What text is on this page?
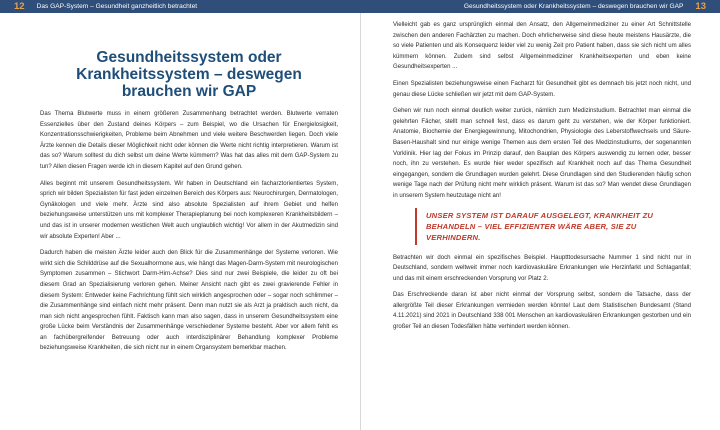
12 Das GAP-System – Gesundheit ganzheitlich betrachtet	Gesundheitssystem oder Krankheitssystem – deswegen brauchen wir GAP 13
Gesundheitssystem oder
Krankheitssystem – deswegen
brauchen wir GAP

Das Thema Blutwerte muss in einem größeren Zusammenhang betrachtet werden. Blutwerte verraten Essenzielles über den Zustand deines Körpers – zum Beispiel, wo die Ursachen für Energielosigkeit, Konzentrationsschwierigkeiten, Probleme beim Abnehmen und viele weitere Beschwerden liegen. Doch viele Ärzte kennen die Details dieser Möglichkeit nicht oder können die Werte nicht richtig interpretieren. Warum ist das so? Warum solltest du dich selbst um deine Werte kümmern? Was hat das alles mit dem GAP-System zu tun? Allen diesen Fragen werde ich in diesem Kapitel auf den Grund gehen.

Alles beginnt mit unserem Gesundheitssystem. Wir haben in Deutschland ein facharztorientiertes System, sprich wir bilden Spezialisten für fast jeden einzelnen Bereich des Körpers aus: Neurochirurgen, Dermatologen, Gynäkologen und viele mehr. Ärzte sind also absolute Spezialisten auf ihrem Gebiet und helfen beziehungsweise unterstützen uns mit komplexer Therapieplanung bei noch komplexeren Krankheitsbildern – und das ist in unserer modernen westlichen Welt auch unglaublich wichtig! Vor allem in der Akutmedizin sind wir absolute Experten! Aber ...

Dadurch haben die meisten Ärzte leider auch den Blick für die Zusammenhänge der Systeme verloren. Wie wirkt sich die Schilddrüse auf die Sexualhormone aus, wie hängt das Magen-Darm-System mit neurologischen Symptomen zusammen – Stichwort Darm-Hirn-Achse? Dies sind nur zwei Beispiele, die leider zu oft bei diesem Grad an Spezialisierung verloren gehen. Meiner Ansicht nach gibt es zwei gravierende Fehler in diesem System: Entweder keine Fachrichtung fühlt sich wirklich angesprochen oder – sogar noch schlimmer – die Zusammenhänge sind einfach nicht mehr präsent. Denn man nutzt sie als Arzt ja praktisch auch nicht, da man sich nicht angesprochen fühlt. Faktisch kann man also sagen, dass in unserem Gesundheitssystem eine große Lücke beim Verständnis der Zusammenhänge verschiedener Systeme besteht. Aber vor allem fehlt es an fachübergreifender Betreuung oder auch interdisziplinärer Behandlung komplexer Probleme beziehungsweise Krankheiten, die sich nicht nur in einem Organsystem bemerkbar machen.

Vielleicht gab es ganz ursprünglich einmal den Ansatz, den Allgemeinmediziner zu einer Art Schnittstelle zwischen den anderen Fachärzten zu machen. Doch ehrlicherweise sind diese heute meistens Hausärzte, die so viele Patienten und als Konsequenz leider viel zu wenig Zeit pro Patient haben, dass sie sich nicht um alles kümmern können. Zudem sind selbst Allgemeinmediziner Krankheitsexperten und eben keine Gesundheitsexperten ...

Einen Spezialisten beziehungsweise einen Facharzt für Gesundheit gibt es demnach bis jetzt noch nicht, und genau diese Lücke schließen wir jetzt mit dem GAP-System.

Gehen wir nun noch einmal deutlich weiter zurück, nämlich zum Medizinstudium. Betrachtet man einmal die gelehrten Fächer, stellt man schnell fest, dass es darum geht zu verstehen, wie der Körper funktioniert. Anatomie, Biochemie der Energiegewinnung, Mitochondrien, Physiologie des Leberstoffwechsels und Säure-Basen-Haushalt sind nur einige wenige Themen aus dem ersten Teil des Medizinstudiums, der sogenannten Vorklinik. Hier lag der Fokus im Prinzip darauf, den Bauplan des Körpers auswendig zu lernen oder, besser noch, ihn zu verstehen. Es wurde hier weder spezifisch auf Krankheit noch auf das Thema Gesundheit eingegangen, sondern die Grundlagen wurden gelehrt. Diese Grundlagen sind den Studierenden häufig schon wenige Tage nach der Prüfung nicht mehr wirklich präsent. Warum ist das so? Man wendet diese Grundlagen in unserem System heutzutage nicht an!

UNSER SYSTEM IST DARAUF AUSGELEGT, KRANKHEIT ZU BEHANDELN – VIEL EFFIZIENTER WÄRE ABER, SIE ZU VERHINDERN.

Betrachten wir doch einmal ein spezifisches Beispiel. Hauptttodesursache Nummer 1 sind nicht nur in Deutschland, sondern weltweit immer noch kardiovaskuläre Erkrankungen wie Herzinfarkt und Schlaganfall; und das mit einem erschreckenden Vorsprung vor Platz 2.

Das Erschreckende daran ist aber nicht einmal der Vorsprung selbst, sondern die Tatsache, dass der allergrößte Teil dieser Erkrankungen vermieden werden könnte! Laut dem Statistischen Bundesamt (Stand 4.11.2021) sind 2021 in Deutschland 338 001 Menschen an kardiovaskulären Erkrankungen gestorben und ein großer Teil an diesen Todesfällen hätte verhindert werden können.
